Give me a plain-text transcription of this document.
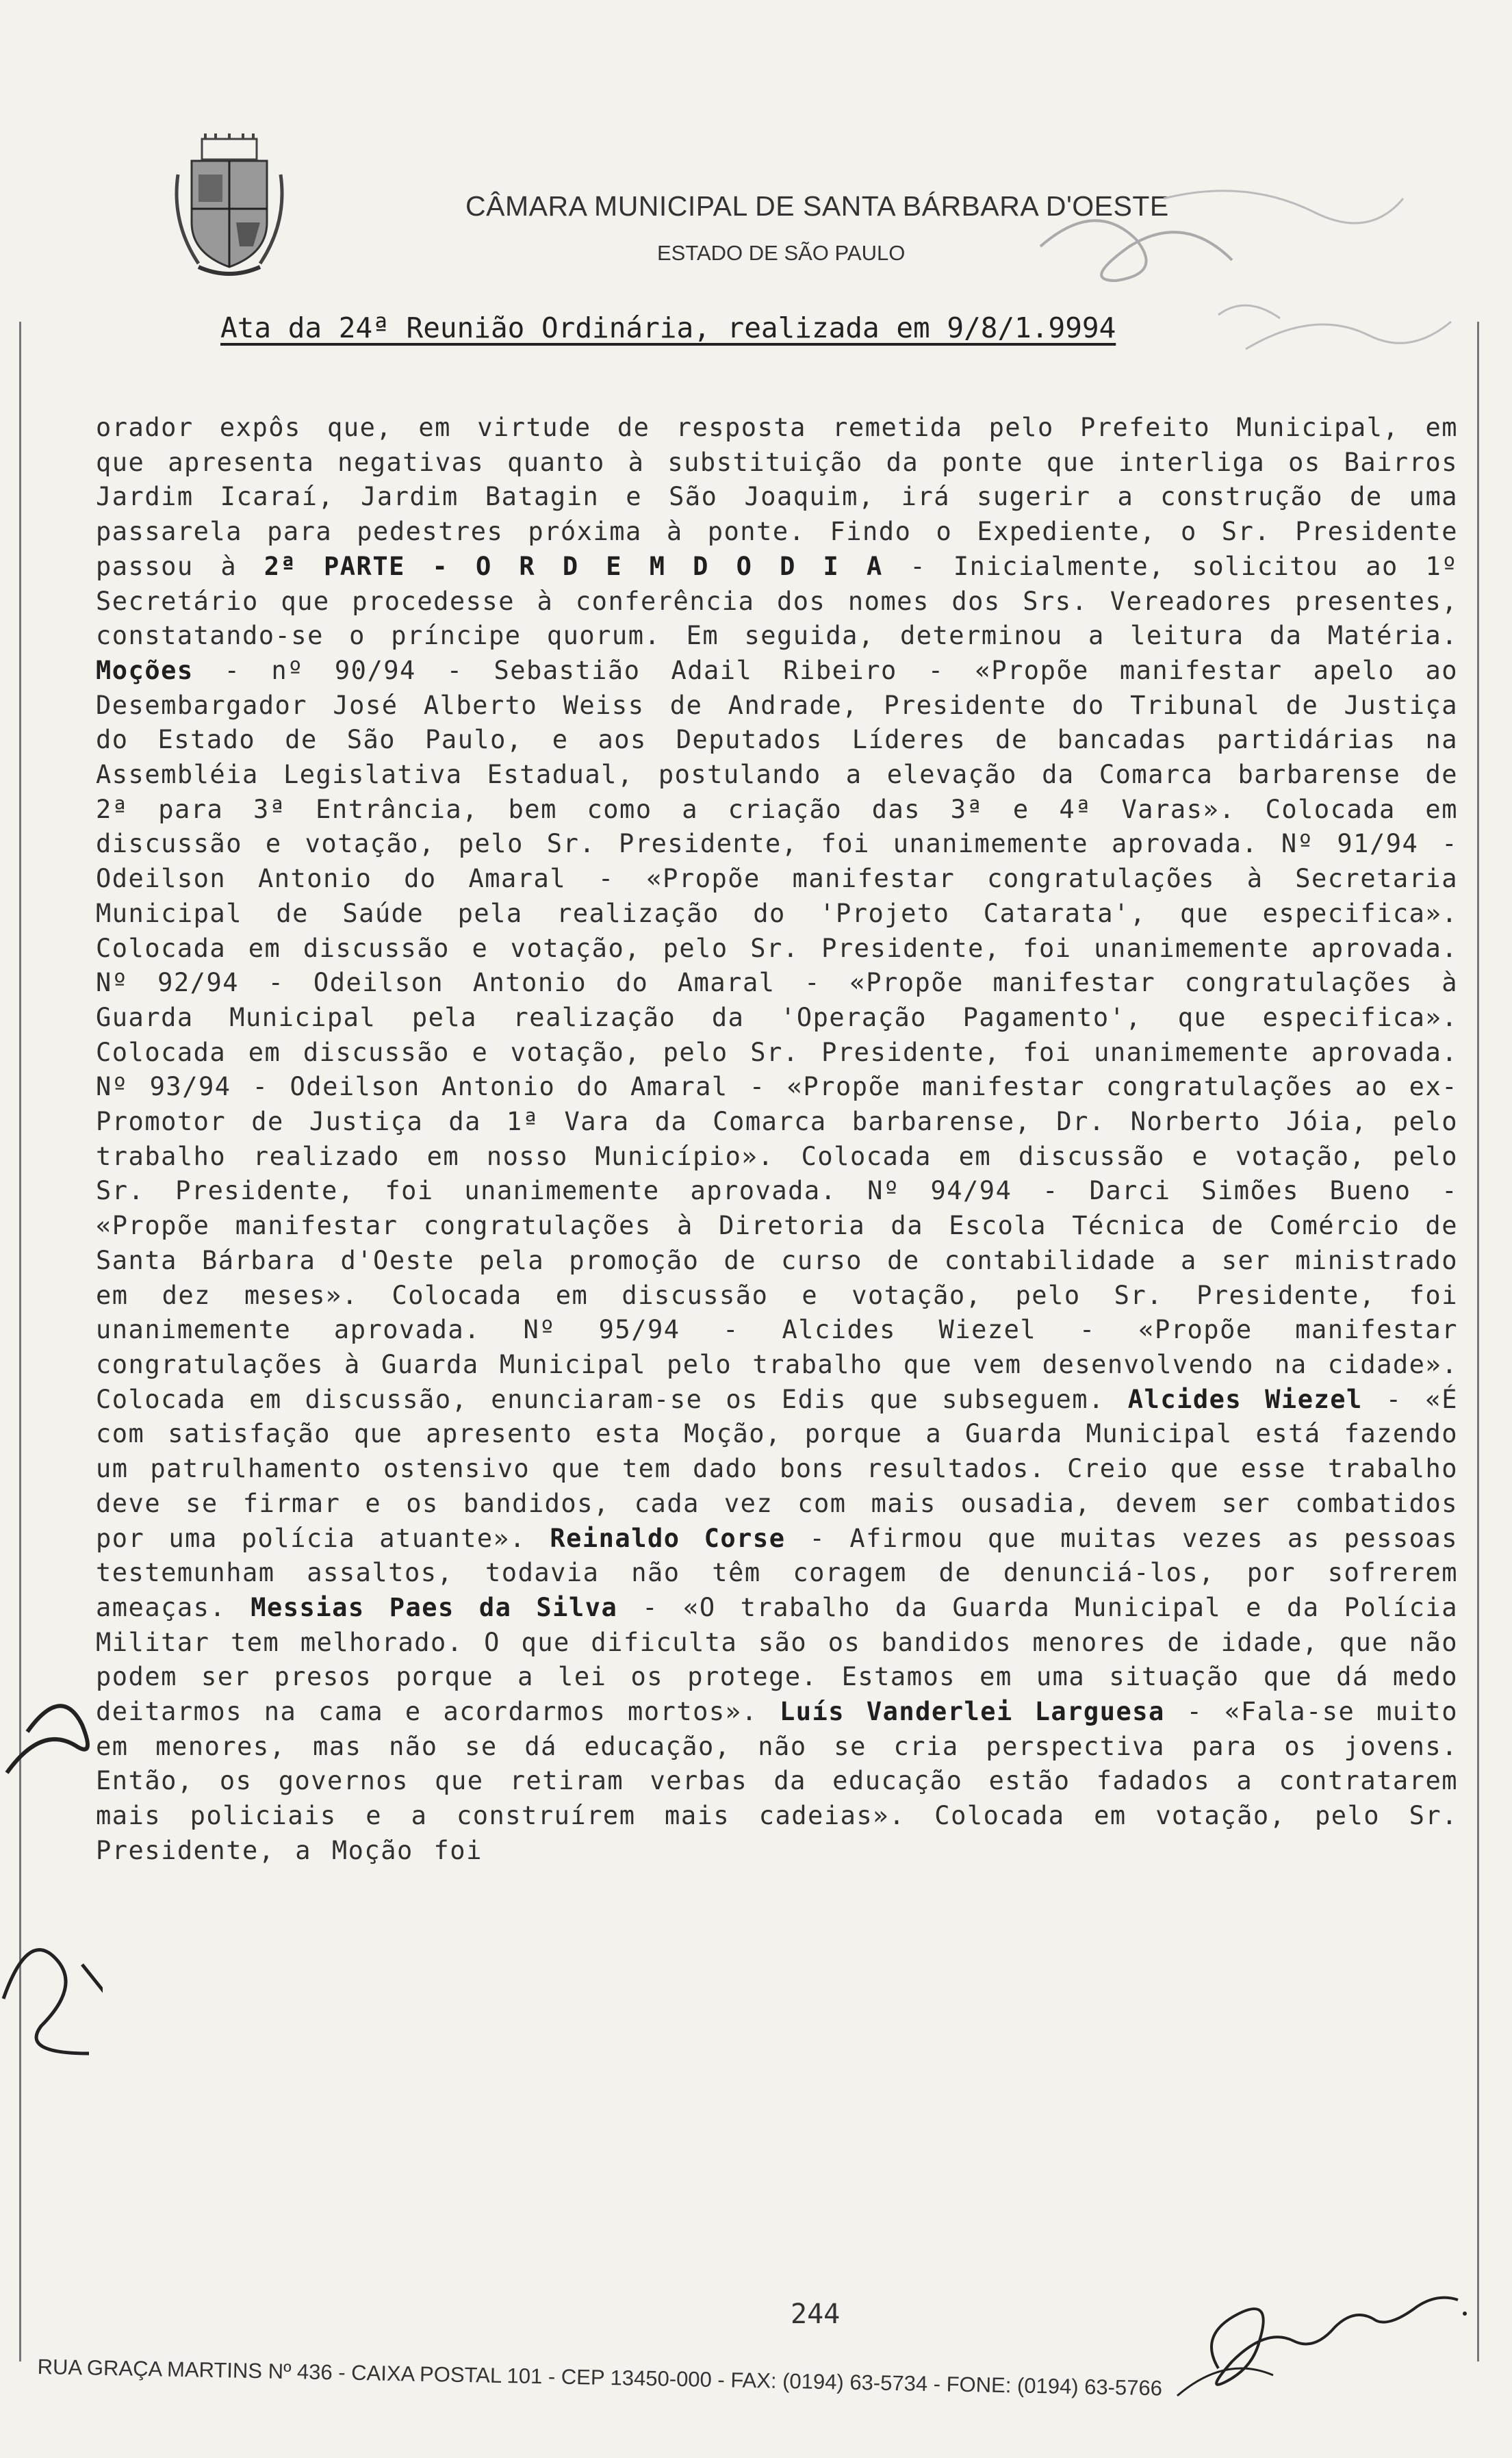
CÂMARA MUNICIPAL DE SANTA BÁRBARA D'OESTE
ESTADO DE SÃO PAULO
Ata da 24ª Reunião Ordinária, realizada em 9/8/1.9994
orador expôs que, em virtude de resposta remetida pelo Prefeito Municipal, em que apresenta negativas quanto à substituição da ponte que interliga os Bairros Jardim Icaraí, Jardim Batagin e São Joaquim, irá sugerir a construção de uma passarela para pedestres próxima à ponte. Findo o Expediente, o Sr. Presidente passou à 2ª PARTE - O R D E M D O D I A - Inicialmente, solicitou ao 1º Secretário que procedesse à conferência dos nomes dos Srs. Vereadores presentes, constatando-se o príncipe quorum. Em seguida, determinou a leitura da Matéria. Moções - nº 90/94 - Sebastião Adail Ribeiro - «Propõe manifestar apelo ao Desembargador José Alberto Weiss de Andrade, Presidente do Tribunal de Justiça do Estado de São Paulo, e aos Deputados Líderes de bancadas partidárias na Assembléia Legislativa Estadual, postulando a elevação da Comarca barbarense de 2ª para 3ª Entrância, bem como a criação das 3ª e 4ª Varas». Colocada em discussão e votação, pelo Sr. Presidente, foi unanimemente aprovada. Nº 91/94 - Odeilson Antonio do Amaral - «Propõe manifestar congratulações à Secretaria Municipal de Saúde pela realização do 'Projeto Catarata', que especifica». Colocada em discussão e votação, pelo Sr. Presidente, foi unanimemente aprovada. Nº 92/94 - Odeilson Antonio do Amaral - «Propõe manifestar congratulações à Guarda Municipal pela realização da 'Operação Pagamento', que especifica». Colocada em discussão e votação, pelo Sr. Presidente, foi unanimemente aprovada. Nº 93/94 - Odeilson Antonio do Amaral - «Propõe manifestar congratulações ao ex-Promotor de Justiça da 1ª Vara da Comarca barbarense, Dr. Norberto Jóia, pelo trabalho realizado em nosso Município». Colocada em discussão e votação, pelo Sr. Presidente, foi unanimemente aprovada. Nº 94/94 - Darci Simões Bueno - «Propõe manifestar congratulações à Diretoria da Escola Técnica de Comércio de Santa Bárbara d'Oeste pela promoção de curso de contabilidade a ser ministrado em dez meses». Colocada em discussão e votação, pelo Sr. Presidente, foi unanimemente aprovada. Nº 95/94 - Alcides Wiezel - «Propõe manifestar congratulações à Guarda Municipal pelo trabalho que vem desenvolvendo na cidade». Colocada em discussão, enunciaram-se os Edis que subseguem. Alcides Wiezel - «É com satisfação que apresento esta Moção, porque a Guarda Municipal está fazendo um patrulhamento ostensivo que tem dado bons resultados. Creio que esse trabalho deve se firmar e os bandidos, cada vez com mais ousadia, devem ser combatidos por uma polícia atuante». Reinaldo Corse - Afirmou que muitas vezes as pessoas testemunham assaltos, todavia não têm coragem de denunciá-los, por sofrerem ameaças. Messias Paes da Silva - «O trabalho da Guarda Municipal e da Polícia Militar tem melhorado. O que dificulta são os bandidos menores de idade, que não podem ser presos porque a lei os protege. Estamos em uma situação que dá medo deitarmos na cama e acordarmos mortos». Luís Vanderlei Larguesa - «Fala-se muito em menores, mas não se dá educação, não se cria perspectiva para os jovens. Então, os governos que retiram verbas da educação estão fadados a contratarem mais policiais e a construírem mais cadeias». Colocada em votação, pelo Sr. Presidente, a Moção foi
244
RUA GRAÇA MARTINS Nº 436 - CAIXA POSTAL 101 - CEP 13450-000 - FAX: (0194) 63-5734 - FONE: (0194) 63-5766
